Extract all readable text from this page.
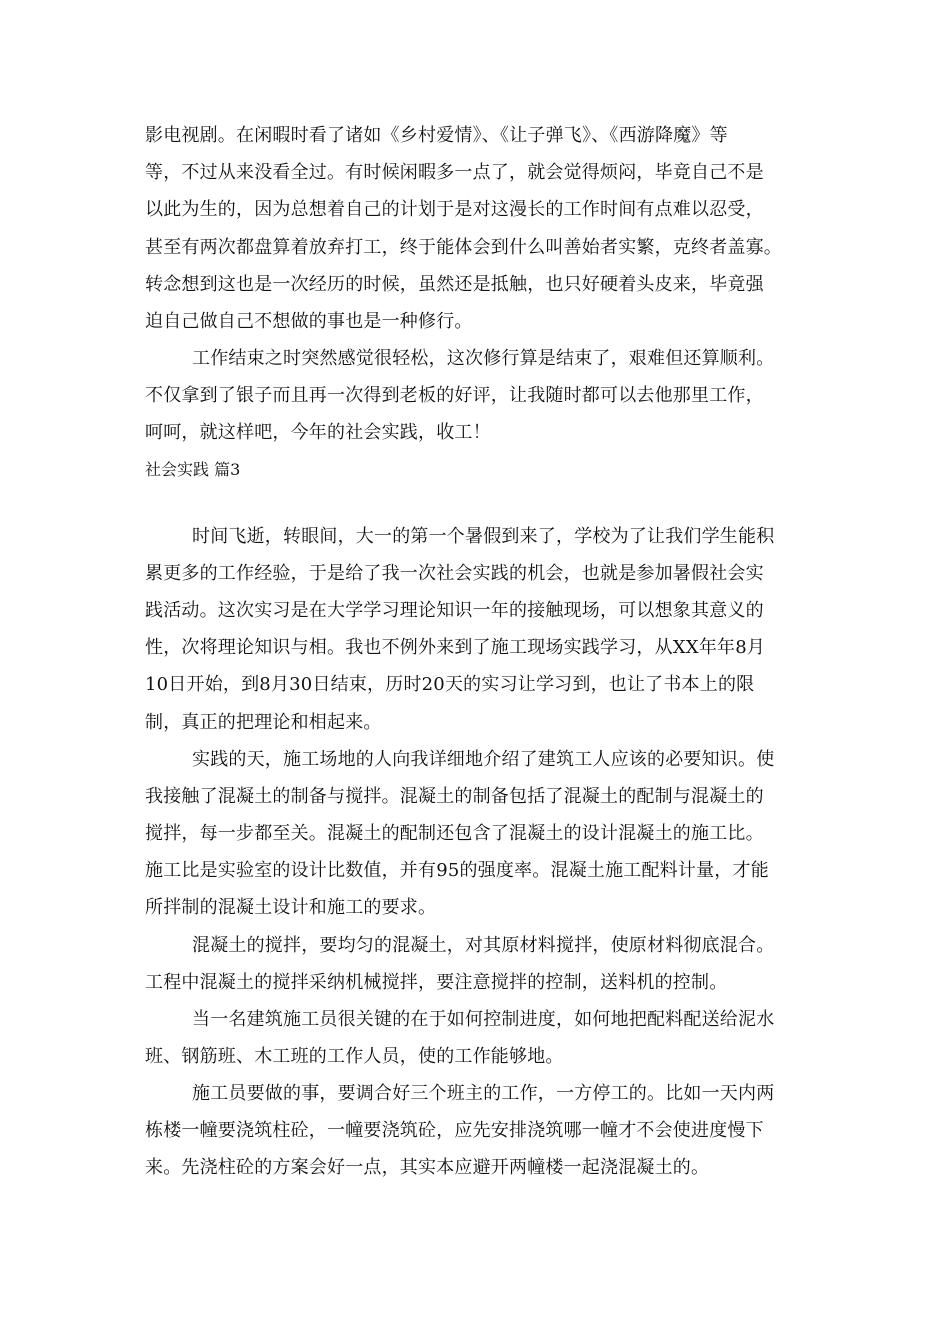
影电视剧。在闲暇时看了诸如《乡村爱情》、《让子弹飞》、《西游降魔》等
等，不过从来没看全过。有时候闲暇多一点了，就会觉得烦闷，毕竟自己不是
以此为生的，因为总想着自己的计划于是对这漫长的工作时间有点难以忍受，
甚至有两次都盘算着放弃打工，终于能体会到什么叫善始者实繁，克终者盖寡。
转念想到这也是一次经历的时候，虽然还是抵触，也只好硬着头皮来，毕竟强
迫自己做自己不想做的事也是一种修行。
工作结束之时突然感觉很轻松，这次修行算是结束了，艰难但还算顺利。
不仅拿到了银子而且再一次得到老板的好评，让我随时都可以去他那里工作，
呵呵，就这样吧，今年的社会实践，收工！
社会实践 篇3
时间飞逝，转眼间，大一的第一个暑假到来了，学校为了让我们学生能积
累更多的工作经验，于是给了我一次社会实践的机会，也就是参加暑假社会实
践活动。这次实习是在大学学习理论知识一年的接触现场，可以想象其意义的
性，次将理论知识与相。我也不例外来到了施工现场实践学习，从XX年年8月
10日开始，到8月30日结束，历时20天的实习让学习到，也让了书本上的限
制，真正的把理论和相起来。
实践的天，施工场地的人向我详细地介绍了建筑工人应该的必要知识。使
我接触了混凝土的制备与搅拌。混凝土的制备包括了混凝土的配制与混凝土的
搅拌，每一步都至关。混凝土的配制还包含了混凝土的设计混凝土的施工比。
施工比是实验室的设计比数值，并有95的强度率。混凝土施工配料计量，才能
所拌制的混凝土设计和施工的要求。
混凝土的搅拌，要均匀的混凝土，对其原材料搅拌，使原材料彻底混合。
工程中混凝土的搅拌采纳机械搅拌，要注意搅拌的控制，送料机的控制。
当一名建筑施工员很关键的在于如何控制进度，如何地把配料配送给泥水
班、钢筋班、木工班的工作人员，使的工作能够地。
施工员要做的事，要调合好三个班主的工作，一方停工的。比如一天内两
栋楼一幢要浇筑柱砼，一幢要浇筑砼，应先安排浇筑哪一幢才不会使进度慢下
来。先浇柱砼的方案会好一点，其实本应避开两幢楼一起浇混凝土的。
